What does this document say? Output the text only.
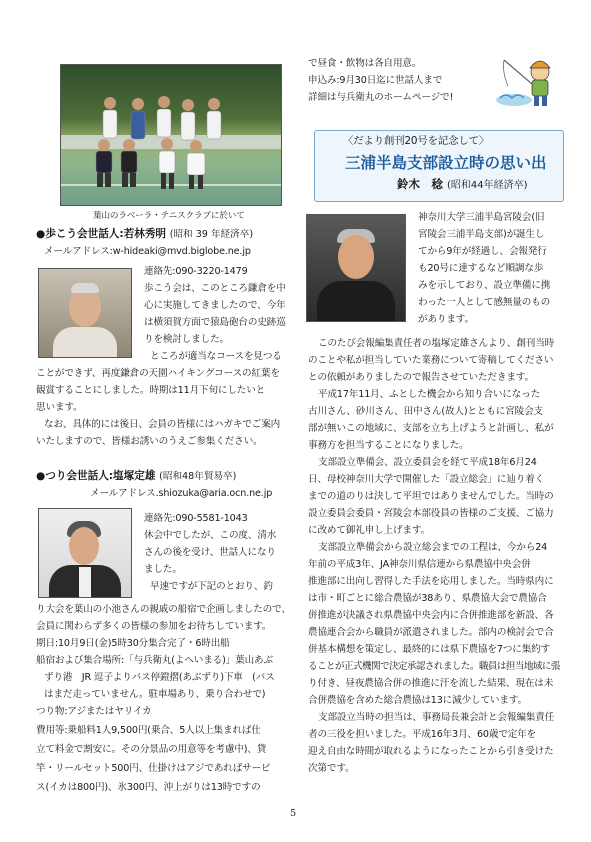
葉山のラベーラ・テニスクラブに於いて
●歩こう会世話人:若林秀明 (昭和 39 年経済卒)
メールアドレス:w-hideaki@mvd.biglobe.ne.jp
連絡先:090-3220-1479
歩こう会は、このところ鎌倉を中
心に実施してきましたので、今年
は横須賀方面で猿島砲台の史跡巡
りを検討しました。
ところが適当なコースを見つる
ことができず、再度鎌倉の天園ハイキングコースの紅葉を
観賞することにしました。時期は11月下旬にしたいと
思います。
なお、具体的には後日、会員の皆様にはハガキでご案内
いたしますので、皆様お誘いのうえご参集ください。
●つり会世話人:塩塚定雄 (昭和48年貿易卒)
メールアドレス.shiozuka@aria.ocn.ne.jp
連絡先:090-5581-1043
休会中でしたが、この度、清水
さんの後を受け、世話人になり
ました。
早速ですが下記のとおり、釣
り大会を葉山の小池さんの親戚の船宿で企画しましたので、
会員に関わらず多くの皆様の参加をお待ちしています。
期日:10月9日(金)5時30分集合完了・6時出船
船宿および集合場所:「与兵衛丸(よへいまる)」葉山あぶ
ずり港　JR 逗子よりバス停鐙摺(あぶずり)下車　(バス
はまだ走っていません。駐車場あり、乗り合わせで)
つり物:アジまたはヤリイカ
費用等:乗船料1人9,500円(乗合、5人以上集まれば仕
立て料金で割安に。その分景品の用意等を考慮中)、貸
竿・リールセット500円、仕掛けはアジであればサービ
ス(イカは800円)、氷300円、沖上がりは13時ですの
で昼食・飲物は各自用意。
申込み:9月30日迄に世話人まで
詳細は与兵衛丸のホームページで!
〈だより創刊20号を記念して〉
三浦半島支部設立時の思い出
鈴木　稔 (昭和44年経済卒)
神奈川大学三浦半島宮陵会(旧
宮陵会三浦半島支部)が誕生し
てから9年が経過し、会報発行
も20号に達するなど順調な歩
みを示しており、設立準備に携
わった一人として感無量のもの
があります。
このたび会報編集責任者の塩塚定雄さんより、創刊当時
のことや私が担当していた業務について寄稿してください
との依頼がありましたので報告させていただきます。
平成17年11月、ふとした機会から知り合いになった
古川さん、砂川さん、田中さん(故人)とともに宮陵会支
部が無いこの地域に、支部を立ち上げようと計画し、私が
事務方を担当することになりました。
支部設立準備会、設立委員会を経て平成18年6月24
日、母校神奈川大学で開催した「設立総会」に辿り着く
までの道のりは決して平坦ではありませんでした。当時の
設立委員会委員・宮陵会本部役員の皆様のご支援、ご協力
に改めて御礼申し上げます。
支部設立準備会から設立総会までの工程は、今から24
年前の平成3年、JA神奈川県信連から県農協中央会併
推進部に出向し習得した手法を応用しました。当時県内に
は市・町ごとに総合農協が38あり、県農協大会で農協合
併推進が決議され県農協中央会内に合併推進部を新設、各
農協連合会から職員が派遣されました。部内の検討会で合
併基本構想を策定し、最終的には県下農協を7つに集約す
ることが正式機関で決定承認されました。職員は担当地域に張
り付き、昼夜農協合併の推進に汗を流した結果、現在は未
合併農協を含めた総合農協は13に減少しています。
支部設立当時の担当は、事務局長兼会計と会報編集責任
者の三役を担いました。平成16年3月、60歳で定年を
迎え自由な時間が取れるようになったことから引き受けた
次第です。
5
